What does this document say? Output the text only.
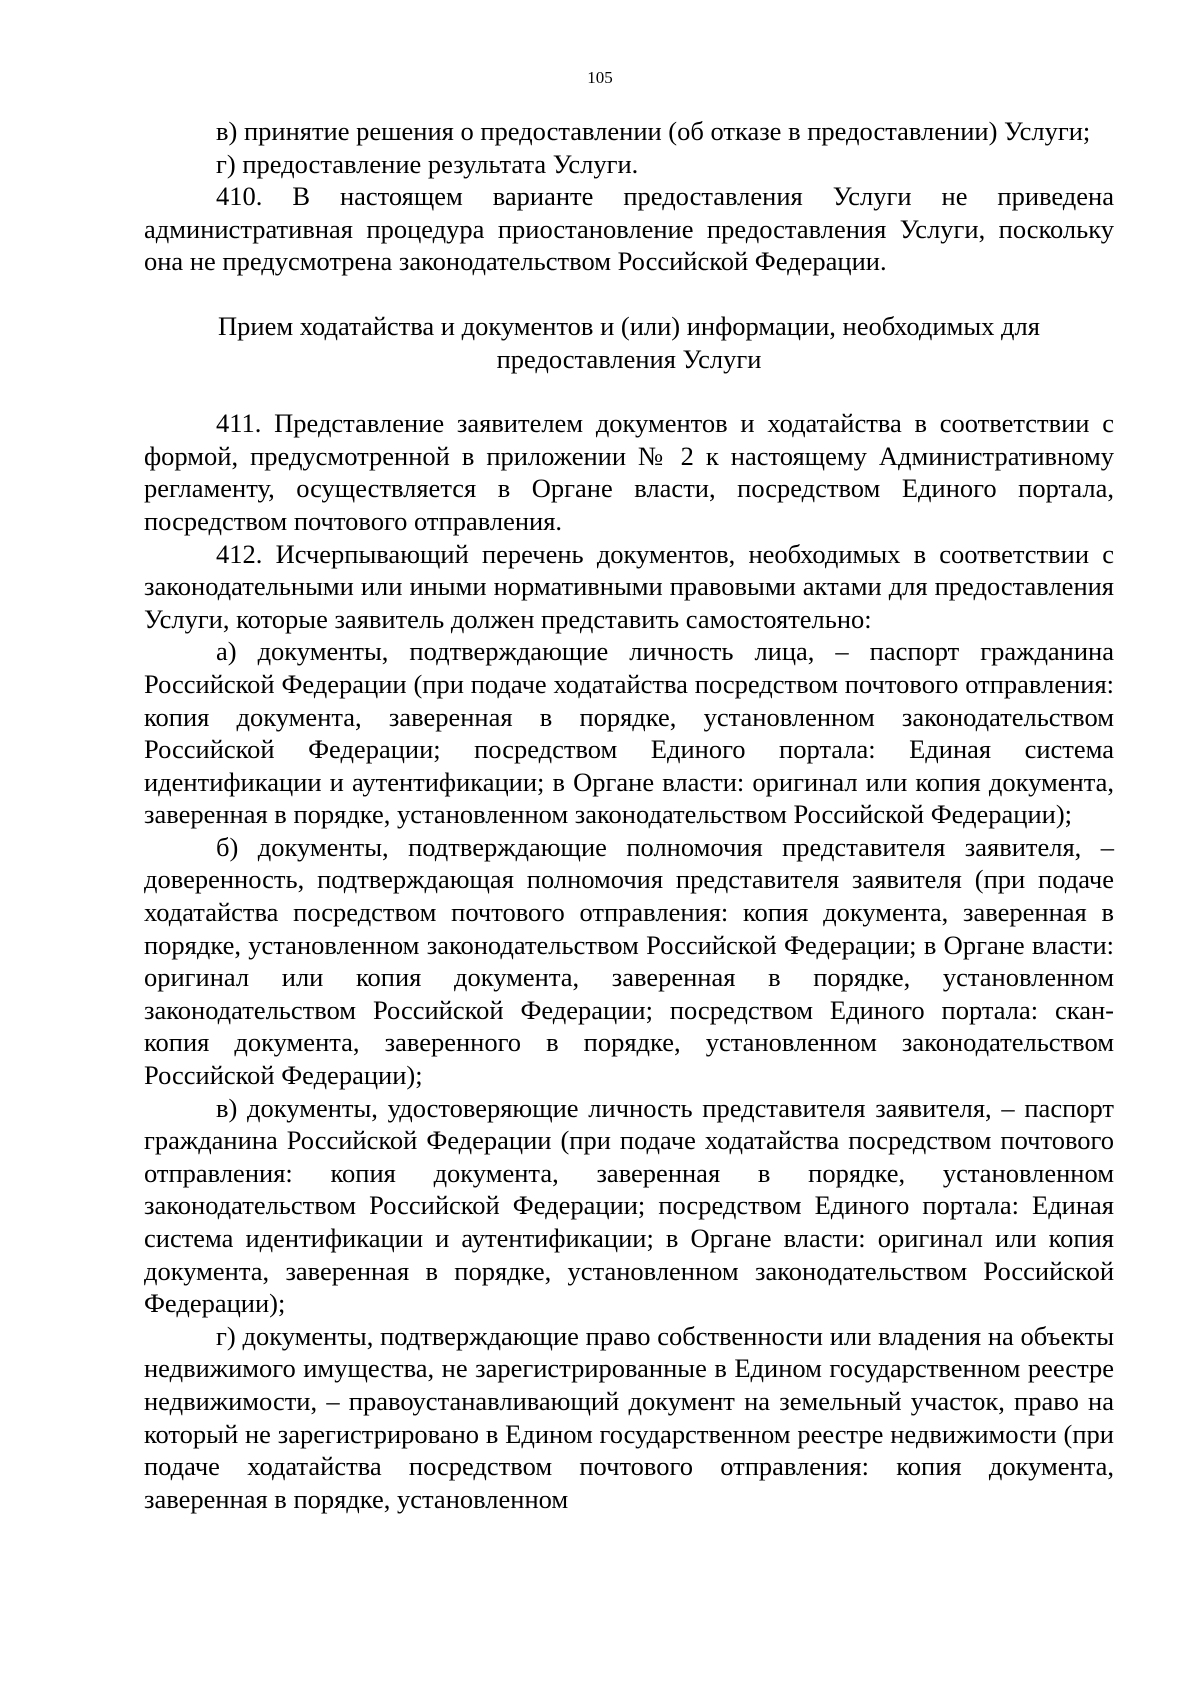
105

в) принятие решения о предоставлении (об отказе в предоставлении) Услуги;

г) предоставление результата Услуги.

410. В настоящем варианте предоставления Услуги не приведена административная процедура приостановление предоставления Услуги, поскольку она не предусмотрена законодательством Российской Федерации.

Прием ходатайства и документов и (или) информации, необходимых для
предоставления Услуги

411. Представление заявителем документов и ходатайства в соответствии с формой, предусмотренной в приложении № 2 к настоящему Административному регламенту, осуществляется в Органе власти, посредством Единого портала, посредством почтового отправления.

412. Исчерпывающий перечень документов, необходимых в соответствии с законодательными или иными нормативными правовыми актами для предоставления Услуги, которые заявитель должен представить самостоятельно:

а) документы, подтверждающие личность лица, – паспорт гражданина Российской Федерации (при подаче ходатайства посредством почтового отправления: копия документа, заверенная в порядке, установленном законодательством Российской Федерации; посредством Единого портала: Единая система идентификации и аутентификации; в Органе власти: оригинал или копия документа, заверенная в порядке, установленном законодательством Российской Федерации);

б) документы, подтверждающие полномочия представителя заявителя, – доверенность, подтверждающая полномочия представителя заявителя (при подаче ходатайства посредством почтового отправления: копия документа, заверенная в порядке, установленном законодательством Российской Федерации; в Органе власти: оригинал или копия документа, заверенная в порядке, установленном законодательством Российской Федерации; посредством Единого портала: скан-копия документа, заверенного в порядке, установленном законодательством Российской Федерации);

в) документы, удостоверяющие личность представителя заявителя, – паспорт гражданина Российской Федерации (при подаче ходатайства посредством почтового отправления: копия документа, заверенная в порядке, установленном законодательством Российской Федерации; посредством Единого портала: Единая система идентификации и аутентификации; в Органе власти: оригинал или копия документа, заверенная в порядке, установленном законодательством Российской Федерации);

г) документы, подтверждающие право собственности или владения на объекты недвижимого имущества, не зарегистрированные в Едином государственном реестре недвижимости, – правоустанавливающий документ на земельный участок, право на который не зарегистрировано в Едином государственном реестре недвижимости (при подаче ходатайства посредством почтового отправления: копия документа, заверенная в порядке, установленном
